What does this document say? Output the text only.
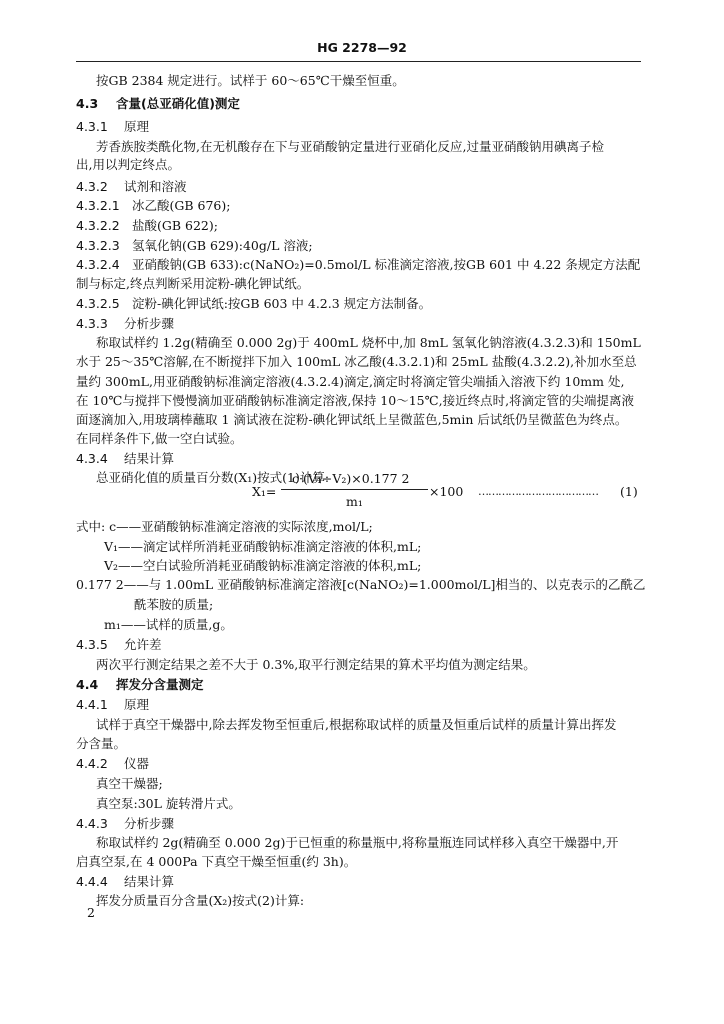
HG 2278—92
按GB 2384 规定进行。试样于 60～65℃干燥至恒重。
4.3 含量(总亚硝化值)测定
4.3.1 原理
芳香族胺类酰化物,在无机酸存在下与亚硝酸钠定量进行亚硝化反应,过量亚硝酸钠用碘离子检
出,用以判定终点。
4.3.2 试剂和溶液
4.3.2.1 冰乙酸(GB 676);
4.3.2.2 盐酸(GB 622);
4.3.2.3 氢氧化钠(GB 629):40g/L 溶液;
4.3.2.4 亚硝酸钠(GB 633):c(NaNO₂)=0.5mol/L 标准滴定溶液,按GB 601 中 4.22 条规定方法配
制与标定,终点判断采用淀粉-碘化钾试纸。
4.3.2.5 淀粉-碘化钾试纸:按GB 603 中 4.2.3 规定方法制备。
4.3.3 分析步骤
称取试样约 1.2g(精确至 0.000 2g)于 400mL 烧杯中,加 8mL 氢氧化钠溶液(4.3.2.3)和 150mL
水于 25～35℃溶解,在不断搅拌下加入 100mL 冰乙酸(4.3.2.1)和 25mL 盐酸(4.3.2.2),补加水至总
量约 300mL,用亚硝酸钠标准滴定溶液(4.3.2.4)滴定,滴定时将滴定管尖端插入溶液下约 10mm 处,
在 10℃与搅拌下慢慢滴加亚硝酸钠标准滴定溶液,保持 10～15℃,接近终点时,将滴定管的尖端提离液
面逐滴加入,用玻璃棒蘸取 1 滴试液在淀粉-碘化钾试纸上呈微蓝色,5min 后试纸仍呈微蓝色为终点。
在同样条件下,做一空白试验。
4.3.4 结果计算
总亚硝化值的质量百分数(X₁)按式(1)计算:
式中: c——亚硝酸钠标准滴定溶液的实际浓度,mol/L;
V₁——滴定试样所消耗亚硝酸钠标准滴定溶液的体积,mL;
V₂——空白试验所消耗亚硝酸钠标准滴定溶液的体积,mL;
0.177 2——与 1.00mL 亚硝酸钠标准滴定溶液[c(NaNO₂)=1.000mol/L]相当的、以克表示的乙酰乙
酰苯胺的质量;
m₁——试样的质量,g。
4.3.5 允许差
两次平行测定结果之差不大于 0.3%,取平行测定结果的算术平均值为测定结果。
4.4 挥发分含量测定
4.4.1 原理
试样于真空干燥器中,除去挥发物至恒重后,根据称取试样的质量及恒重后试样的质量计算出挥发
分含量。
4.4.2 仪器
真空干燥器;
真空泵:30L 旋转滑片式。
4.4.3 分析步骤
称取试样约 2g(精确至 0.000 2g)于已恒重的称量瓶中,将称量瓶连同试样移入真空干燥器中,开
启真空泵,在 4 000Pa 下真空干燥至恒重(约 3h)。
4.4.4 结果计算
挥发分质量百分含量(X₂)按式(2)计算:
2
X₁=
c·(V₁−V₂)×0.177 2
m₁
×100 ……………………………… (1)
